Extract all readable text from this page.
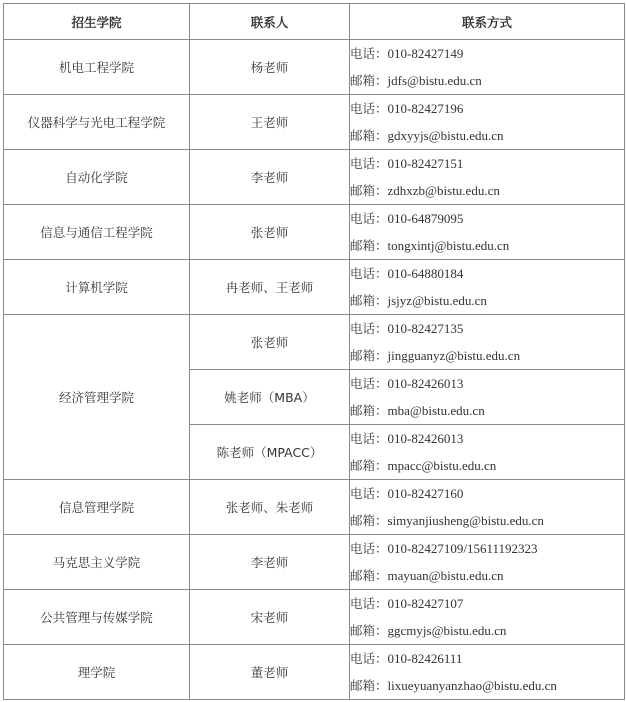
招生学院	联系人	联系方式
机电工程学院	杨老师	电话：010-82427149
邮箱：jdfs@bistu.edu.cn

仪器科学与光电工程学院	王老师	电话：010-82427196
邮箱：gdxyyjs@bistu.edu.cn

自动化学院	李老师	电话：010-82427151
邮箱：zdhxzb@bistu.edu.cn

信息与通信工程学院	张老师	电话：010-64879095
邮箱：tongxintj@bistu.edu.cn

计算机学院	冉老师、王老师	电话：010-64880184
邮箱：jsjyz@bistu.edu.cn

经济管理学院	张老师	电话：010-82427135
邮箱：jingguanyz@bistu.edu.cn

	姚老师（MBA）	电话：010-82426013
邮箱：mba@bistu.edu.cn

	陈老师（MPACC）	电话：010-82426013
邮箱：mpacc@bistu.edu.cn

信息管理学院	张老师、朱老师	电话：010-82427160
邮箱：simyanjiusheng@bistu.edu.cn

马克思主义学院	李老师	电话：010-82427109/15611192323
邮箱：mayuan@bistu.edu.cn

公共管理与传媒学院	宋老师	电话：010-82427107
邮箱：ggcmyjs@bistu.edu.cn

理学院	董老师	电话：010-82426111
邮箱：lixueyuanyanzhao@bistu.edu.cn
